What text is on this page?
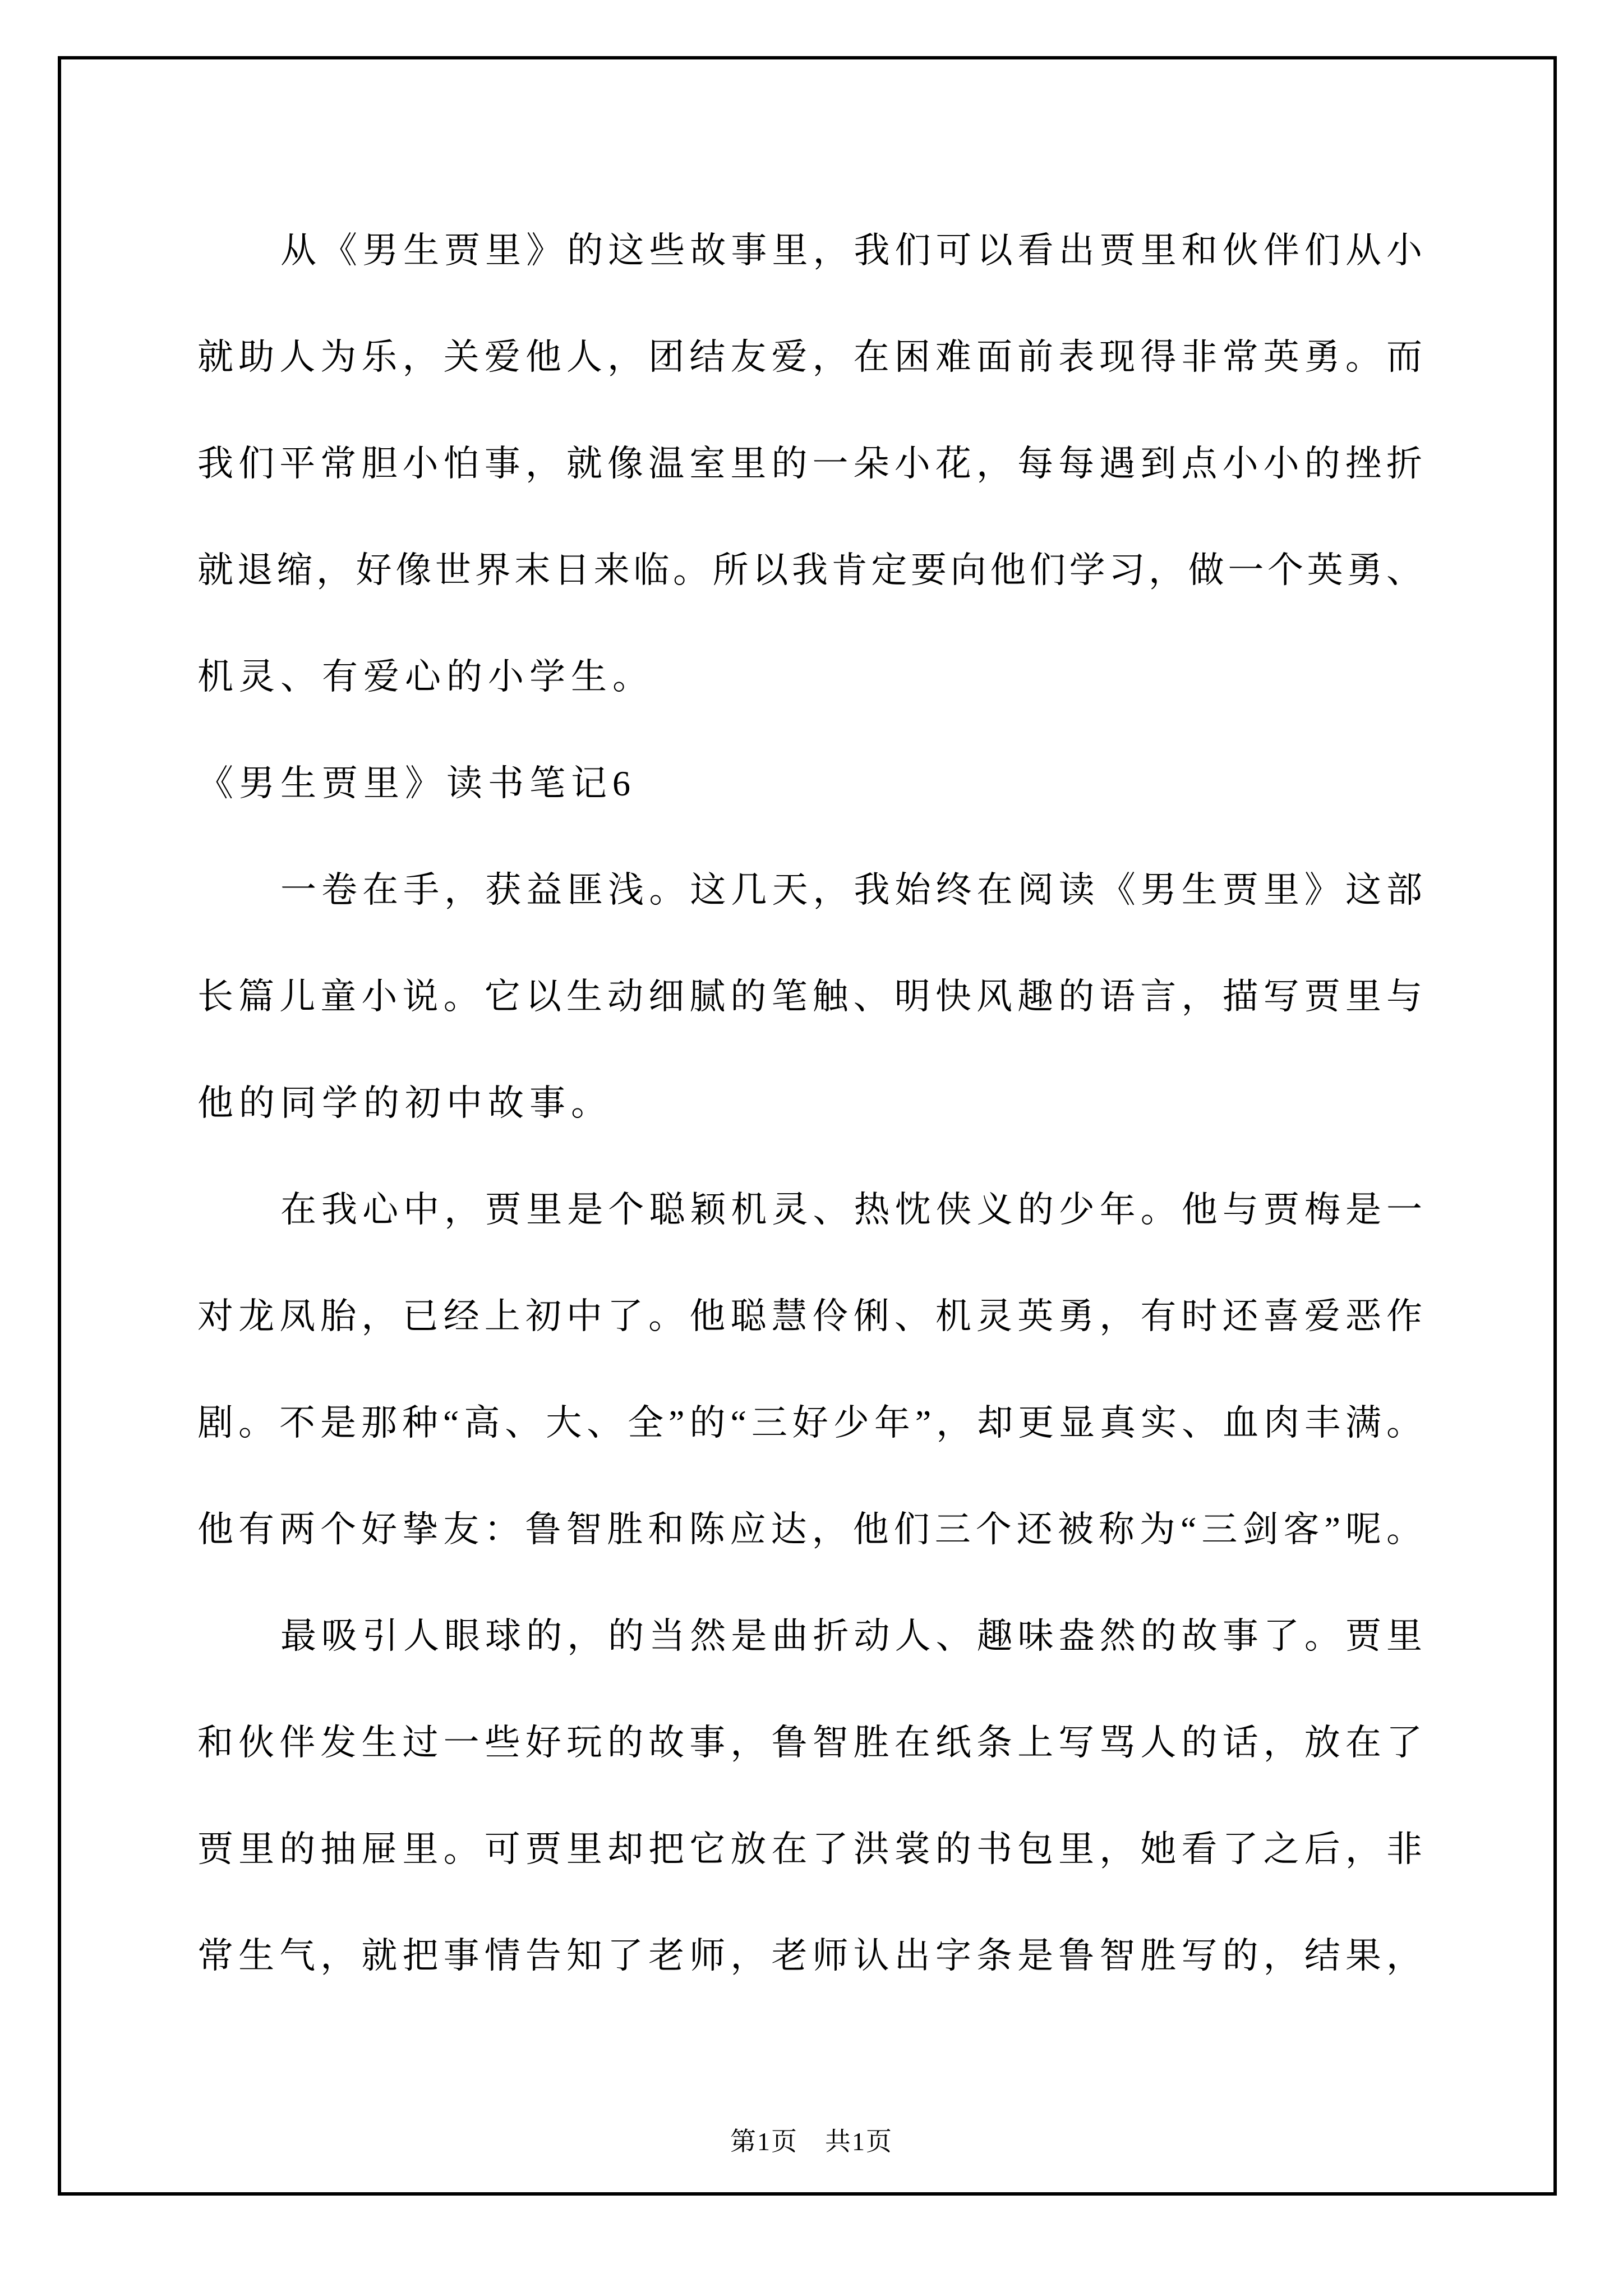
从《男生贾里》的这些故事里，我们可以看出贾里和伙伴们从小
就助人为乐，关爱他人，团结友爱，在困难面前表现得非常英勇。而
我们平常胆小怕事，就像温室里的一朵小花，每每遇到点小小的挫折
就退缩，好像世界末日来临。所以我肯定要向他们学习，做一个英勇、
机灵、有爱心的小学生。
《男生贾里》读书笔记6
一卷在手，获益匪浅。这几天，我始终在阅读《男生贾里》这部
长篇儿童小说。它以生动细腻的笔触、明快风趣的语言，描写贾里与
他的同学的初中故事。
在我心中，贾里是个聪颖机灵、热忱侠义的少年。他与贾梅是一
对龙凤胎，已经上初中了。他聪慧伶俐、机灵英勇，有时还喜爱恶作
剧。不是那种“高、大、全”的“三好少年”，却更显真实、血肉丰满。
他有两个好挚友：鲁智胜和陈应达，他们三个还被称为“三剑客”呢。
最吸引人眼球的，的当然是曲折动人、趣味盎然的故事了。贾里
和伙伴发生过一些好玩的故事，鲁智胜在纸条上写骂人的话，放在了
贾里的抽屉里。可贾里却把它放在了洪裳的书包里，她看了之后，非
常生气，就把事情告知了老师，老师认出字条是鲁智胜写的，结果，
第1页　共1页
